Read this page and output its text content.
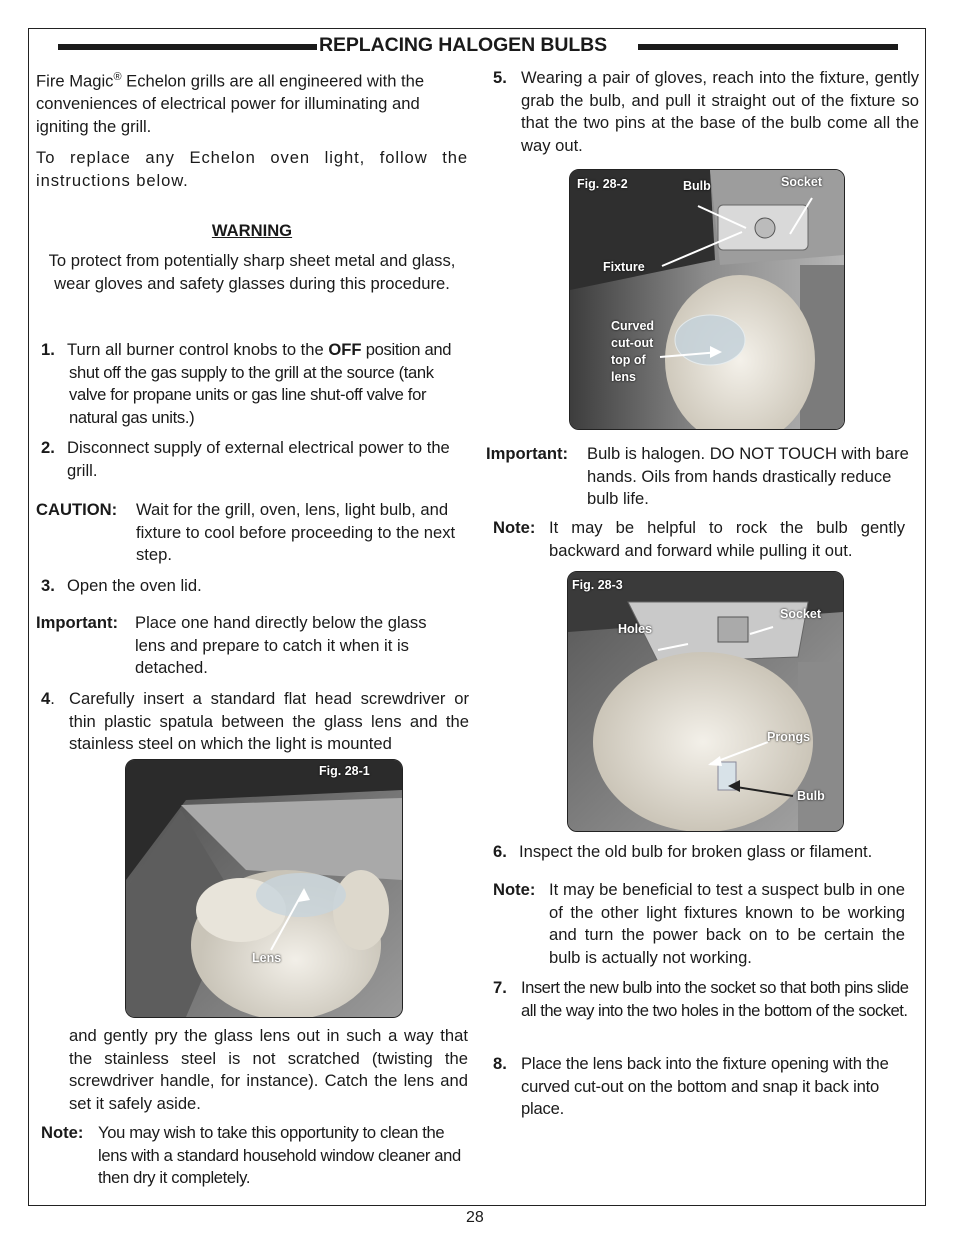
REPLACING HALOGEN BULBS
Fire Magic® Echelon grills are all engineered with the conveniences of electrical power for illuminating and igniting the grill.
To replace any Echelon oven light, follow the instructions below.
WARNING
To protect from potentially sharp sheet metal and glass, wear gloves and safety glasses during this procedure.
1. Turn all burner control knobs to the OFF position and shut off the gas supply to the grill at the source (tank valve for propane units or gas line shut-off valve for natural gas units.)
2. Disconnect supply of external electrical power to the grill.
CAUTION: Wait for the grill, oven, lens, light bulb, and fixture to cool before proceeding to the next step.
3. Open the oven lid.
Important: Place one hand directly below the glass lens and prepare to catch it when it is detached.
4. Carefully insert a standard flat head screwdriver or thin plastic spatula between the glass lens and the stainless steel on which the light is mounted
Fig. 28-1
Lens
and gently pry the glass lens out in such a way that the stainless steel is not scratched (twisting the screwdriver handle, for instance). Catch the lens and set it safely aside.
Note: You may wish to take this opportunity to clean the lens with a standard household window cleaner and then dry it completely.
5. Wearing a pair of gloves, reach into the fixture, gently grab the bulb, and pull it straight out of the fixture so that the two pins at the base of the bulb come all the way out.
Fig. 28-2	Bulb	Socket
Fixture
Curved
cut-out
top of
lens
Important: Bulb is halogen. DO NOT TOUCH with bare hands. Oils from hands drastically reduce bulb life.
Note: It may be helpful to rock the bulb gently backward and forward while pulling it out.
Fig. 28-3
Holes
Socket
Prongs
Bulb
6. Inspect the old bulb for broken glass or filament.
Note: It may be beneficial to test a suspect bulb in one of the other light fixtures known to be working and turn the power back on to be certain the bulb is actually not working.
7. Insert the new bulb into the socket so that both pins slide all the way into the two holes in the bottom of the socket.
8. Place the lens back into the fixture opening with the curved cut-out on the bottom and snap it back into place.
28
